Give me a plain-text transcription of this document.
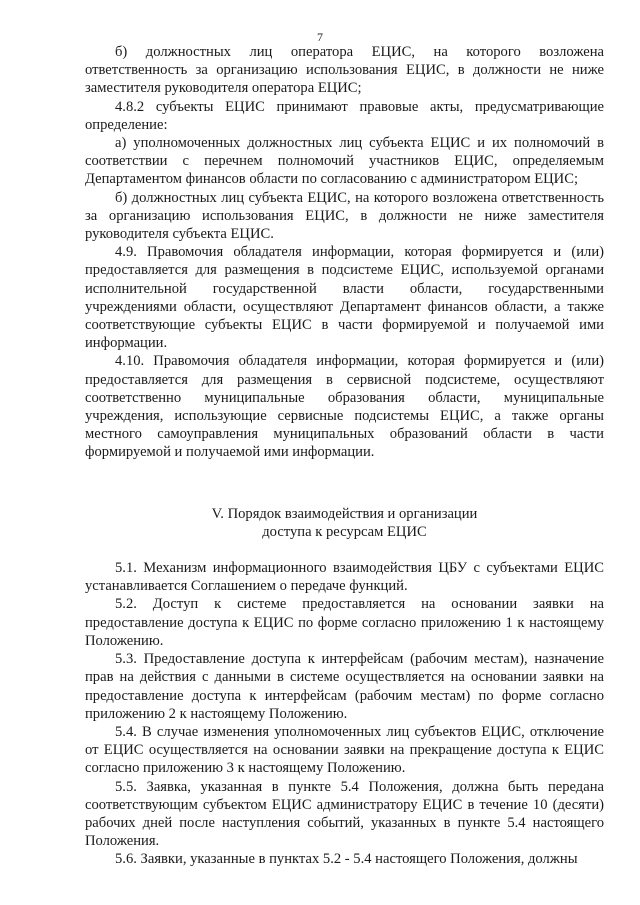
7

б) должностных лиц оператора ЕЦИС, на которого возложена ответственность за организацию использования ЕЦИС, в должности не ниже заместителя руководителя оператора ЕЦИС;

4.8.2 субъекты ЕЦИС принимают правовые акты, предусматривающие определение:

а) уполномоченных должностных лиц субъекта ЕЦИС и их полномочий в соответствии с перечнем полномочий участников ЕЦИС, определяемым Департаментом финансов области по согласованию с администратором ЕЦИС;

б) должностных лиц субъекта ЕЦИС, на которого возложена ответственность за организацию использования ЕЦИС, в должности не ниже заместителя руководителя субъекта ЕЦИС.

4.9. Правомочия обладателя информации, которая формируется и (или) предоставляется для размещения в подсистеме ЕЦИС, используемой органами исполнительной государственной власти области, государственными учреждениями области, осуществляют Департамент финансов области, а также соответствующие субъекты ЕЦИС в части формируемой и получаемой ими информации.

4.10. Правомочия обладателя информации, которая формируется и (или) предоставляется для размещения в сервисной подсистеме, осуществляют соответственно муниципальные образования области, муниципальные учреждения, использующие сервисные подсистемы ЕЦИС, а также органы местного самоуправления муниципальных образований области в части формируемой и получаемой ими информации.

V. Порядок взаимодействия и организации
доступа к ресурсам ЕЦИС

5.1. Механизм информационного взаимодействия ЦБУ с субъектами ЕЦИС устанавливается Соглашением о передаче функций.

5.2. Доступ к системе предоставляется на основании заявки на предоставление доступа к ЕЦИС по форме согласно приложению 1 к настоящему Положению.

5.3. Предоставление доступа к интерфейсам (рабочим местам), назначение прав на действия с данными в системе осуществляется на основании заявки на предоставление доступа к интерфейсам (рабочим местам) по форме согласно приложению 2 к настоящему Положению.

5.4. В случае изменения уполномоченных лиц субъектов ЕЦИС, отключение от ЕЦИС осуществляется на основании заявки на прекращение доступа к ЕЦИС согласно приложению 3 к настоящему Положению.

5.5. Заявка, указанная в пункте 5.4 Положения, должна быть передана соответствующим субъектом ЕЦИС администратору ЕЦИС в течение 10 (десяти) рабочих дней после наступления событий, указанных в пункте 5.4 настоящего Положения.

5.6. Заявки, указанные в пунктах 5.2 - 5.4 настоящего Положения, должны
